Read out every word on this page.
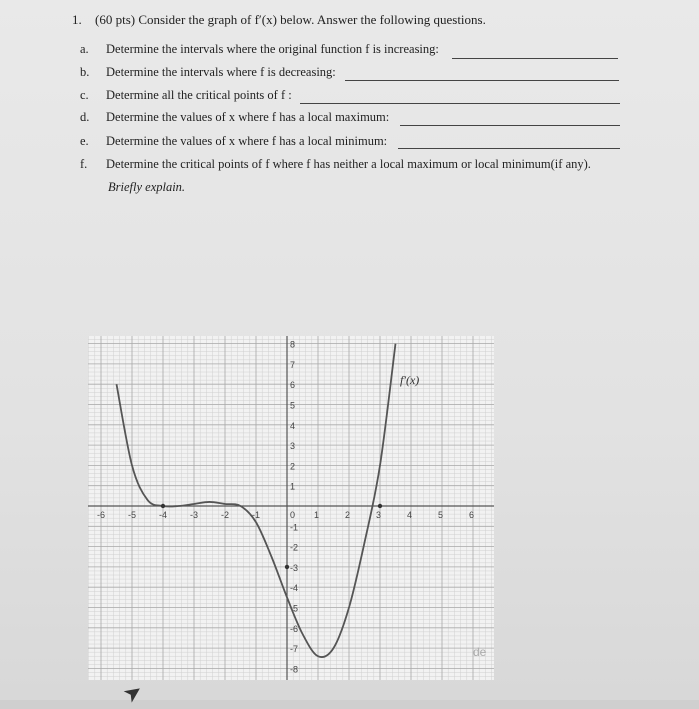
1. (60 pts) Consider the graph of f′(x) below. Answer the following questions.
a. Determine the intervals where the original function f is increasing:
b. Determine the intervals where f is decreasing:
c. Determine all the critical points of f :
d. Determine the values of x where f has a local maximum:
e. Determine the values of x where f has a local minimum:
f. Determine the critical points of f where f has neither a local maximum or local minimum(if any).
Briefly explain.
-6	-5	-4	-3	-2	-1	0 1	2	3	4	5	6
8
7
6
5
4
3
2
1
-1
-2
-3
-4
-5
-6
-7
-8
f′(x)
de
➤
